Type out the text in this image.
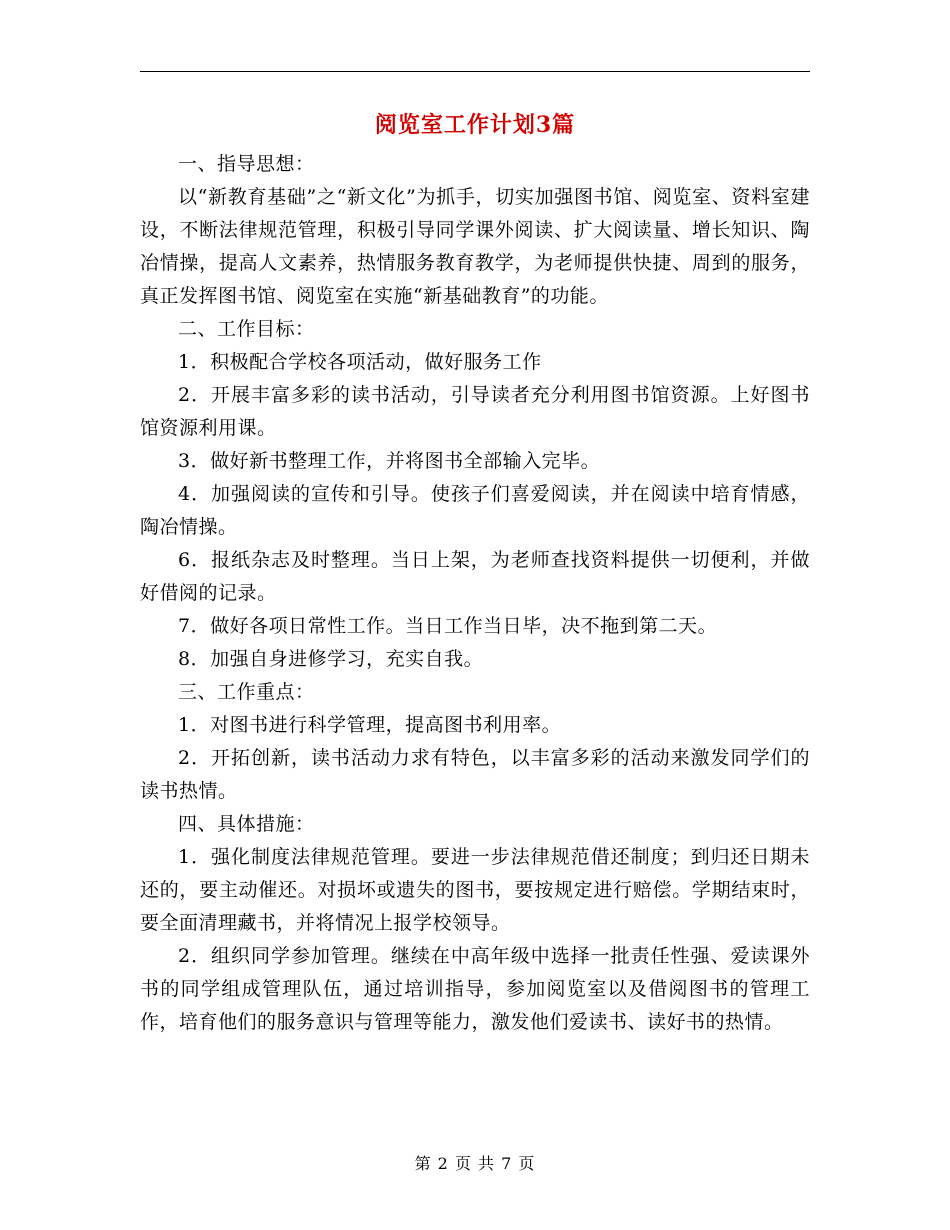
阅览室工作计划3篇

一、指导思想：

以“新教育基础”之“新文化”为抓手，切实加强图书馆、阅览室、资料室建设，不断法律规范管理，积极引导同学课外阅读、扩大阅读量、增长知识、陶冶情操，提高人文素养，热情服务教育教学，为老师提供快捷、周到的服务，真正发挥图书馆、阅览室在实施“新基础教育”的功能。

二、工作目标：

1．积极配合学校各项活动，做好服务工作

2．开展丰富多彩的读书活动，引导读者充分利用图书馆资源。上好图书馆资源利用课。

3．做好新书整理工作，并将图书全部输入完毕。

4．加强阅读的宣传和引导。使孩子们喜爱阅读，并在阅读中培育情感，陶冶情操。

6．报纸杂志及时整理。当日上架，为老师查找资料提供一切便利，并做好借阅的记录。

7．做好各项日常性工作。当日工作当日毕，决不拖到第二天。

8．加强自身进修学习，充实自我。

三、工作重点：

1．对图书进行科学管理，提高图书利用率。

2．开拓创新，读书活动力求有特色，以丰富多彩的活动来激发同学们的读书热情。

四、具体措施：

1．强化制度法律规范管理。要进一步法律规范借还制度；到归还日期未还的，要主动催还。对损坏或遗失的图书，要按规定进行赔偿。学期结束时，要全面清理藏书，并将情况上报学校领导。

2．组织同学参加管理。继续在中高年级中选择一批责任性强、爱读课外书的同学组成管理队伍，通过培训指导，参加阅览室以及借阅图书的管理工作，培育他们的服务意识与管理等能力，激发他们爱读书、读好书的热情。

第 2 页 共 7 页
